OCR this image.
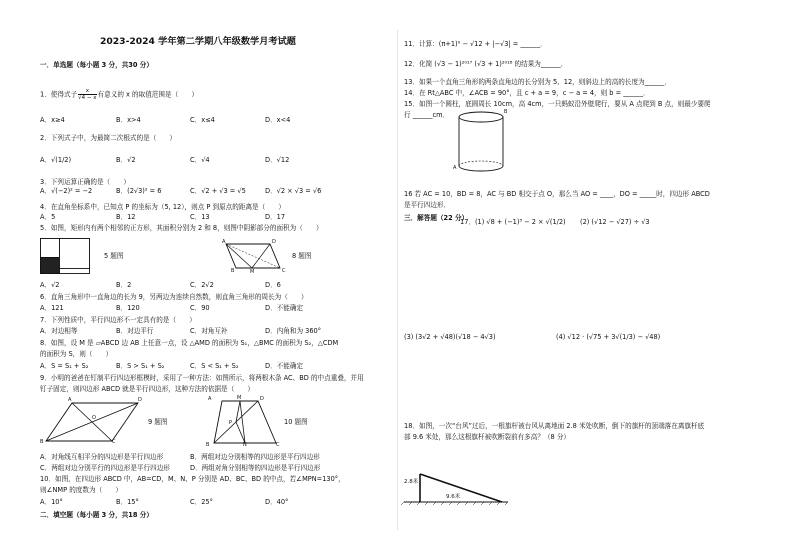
2023-2024 学年第二学期八年级数学月考试题
一．单选题（每小题 3 分，共30 分）
1．使得式子 $\frac{x}{√4 - x}$ 有意义的 x 的取值范围是（　　）
A．x≥4	B．x>4	C．x≤4	D．x<4
2．下列式子中，为最简二次根式的是（　　）
A．√(1/2)	B．√2	C．√4	D．√12
3．下列运算正确的是（　　）
A．√(−2)² = −2	B．(2√3)² = 6	C．√2 + √3 = √5	D．√2 × √3 = √6
4．在直角坐标系中，已知点 P 的坐标为（5, 12），则点 P 到原点的距离是（　　）
A．5	B．12	C．13	D．17
5．如图，矩形内有两个相邻的正方形，其面积分别为 2 和 8，则图中阴影部分的面积为（　　）
5 题图
A	D
B	C
M
8 题图
A．√2	B．2	C．2√2	D．6
6．直角三角形中一直角边的长为 9，另两边为连续自然数，则直角三角形的周长为（　　）
A．121	B．120	C．90	D．不能确定
7．下列性质中，平行四边形不一定具有的是（　　）
A．对边相等	B．对边平行	C．对角互补	D．内角和为 360°
8．如图，设 M 是 ▱ABCD 边 AB 上任意一点，设 △AMD 的面积为 S₁，△BMC 的面积为 S₂，△CDM
的面积为 S，则（　　）
A．S = S₁ + S₂	B．S > S₁ + S₂	C．S < S₁ + S₂	D．不能确定
9．小明的爸爸在钉制平行四边形框模时，采用了一种方法：如图所示，将两根木条 AC、BD 的中点重叠，并用
钉子固定，则四边形 ABCD 就是平行四边形，这种方法的依据是（　　）
A	D
B	C
O	9 题图
A	M	D
P
B	N	C
10 题图
A．对角线互相平分的四边形是平行四边形	B．两组对边分别相等的四边形是平行四边形
C．两组对边分别平行的四边形是平行四边形	D．两组对角分别相等的四边形是平行四边形
10．如图，在四边形 ABCD 中，AB=CD，M、N、P 分别是 AD、BC、BD 的中点，若∠MPN=130°，
则∠NMP 的度数为（　　）
A．10°	B．15°	C．25°	D．40°
二．填空题（每小题 3 分，共18 分）
11．计算：(π+1)⁰ − √12 + |−√3| = ______．
12．化简 (√3 − 1)²⁰¹⁷ (√3 + 1)²⁰¹⁸ 的结果为______．
13．如果一个直角三角形的两条直角边的长分别为 5、12，则斜边上的高的长度为______．
14．在 Rt△ABC 中，∠ACB = 90°，且 c + a = 9，c − a = 4，则 b = ______．
15．如图一个圆柱，底圆周长 10cm，高 4cm，一只蚂蚁沿外壁爬行，要从 A 点爬到 B 点，则最少要爬
行 ______cm．	B
A
16 若 AC = 10，BD = 8，AC 与 BD 相交于点 O，那么当 AO = ____，DO = _____时，四边形 ABCD
是平行四边形．
三．解答题（22 分）
17．(1) √8 + (−1)³ − 2 × √(1/2) (2) (√12 − √27) ÷ √3
(3) (3√2 + √48)(√18 − 4√3)	(4) √12 · (√75 + 3√(1/3) − √48)
18．如图，一次“台风”过后，一根旗杆被台风从离地面 2.8 米处吹断，倒下的旗杆的顶端落在离旗杆底
部 9.6 米处，那么这根旗杆被吹断裂前有多高？（8 分）
2.8米
9.6米
